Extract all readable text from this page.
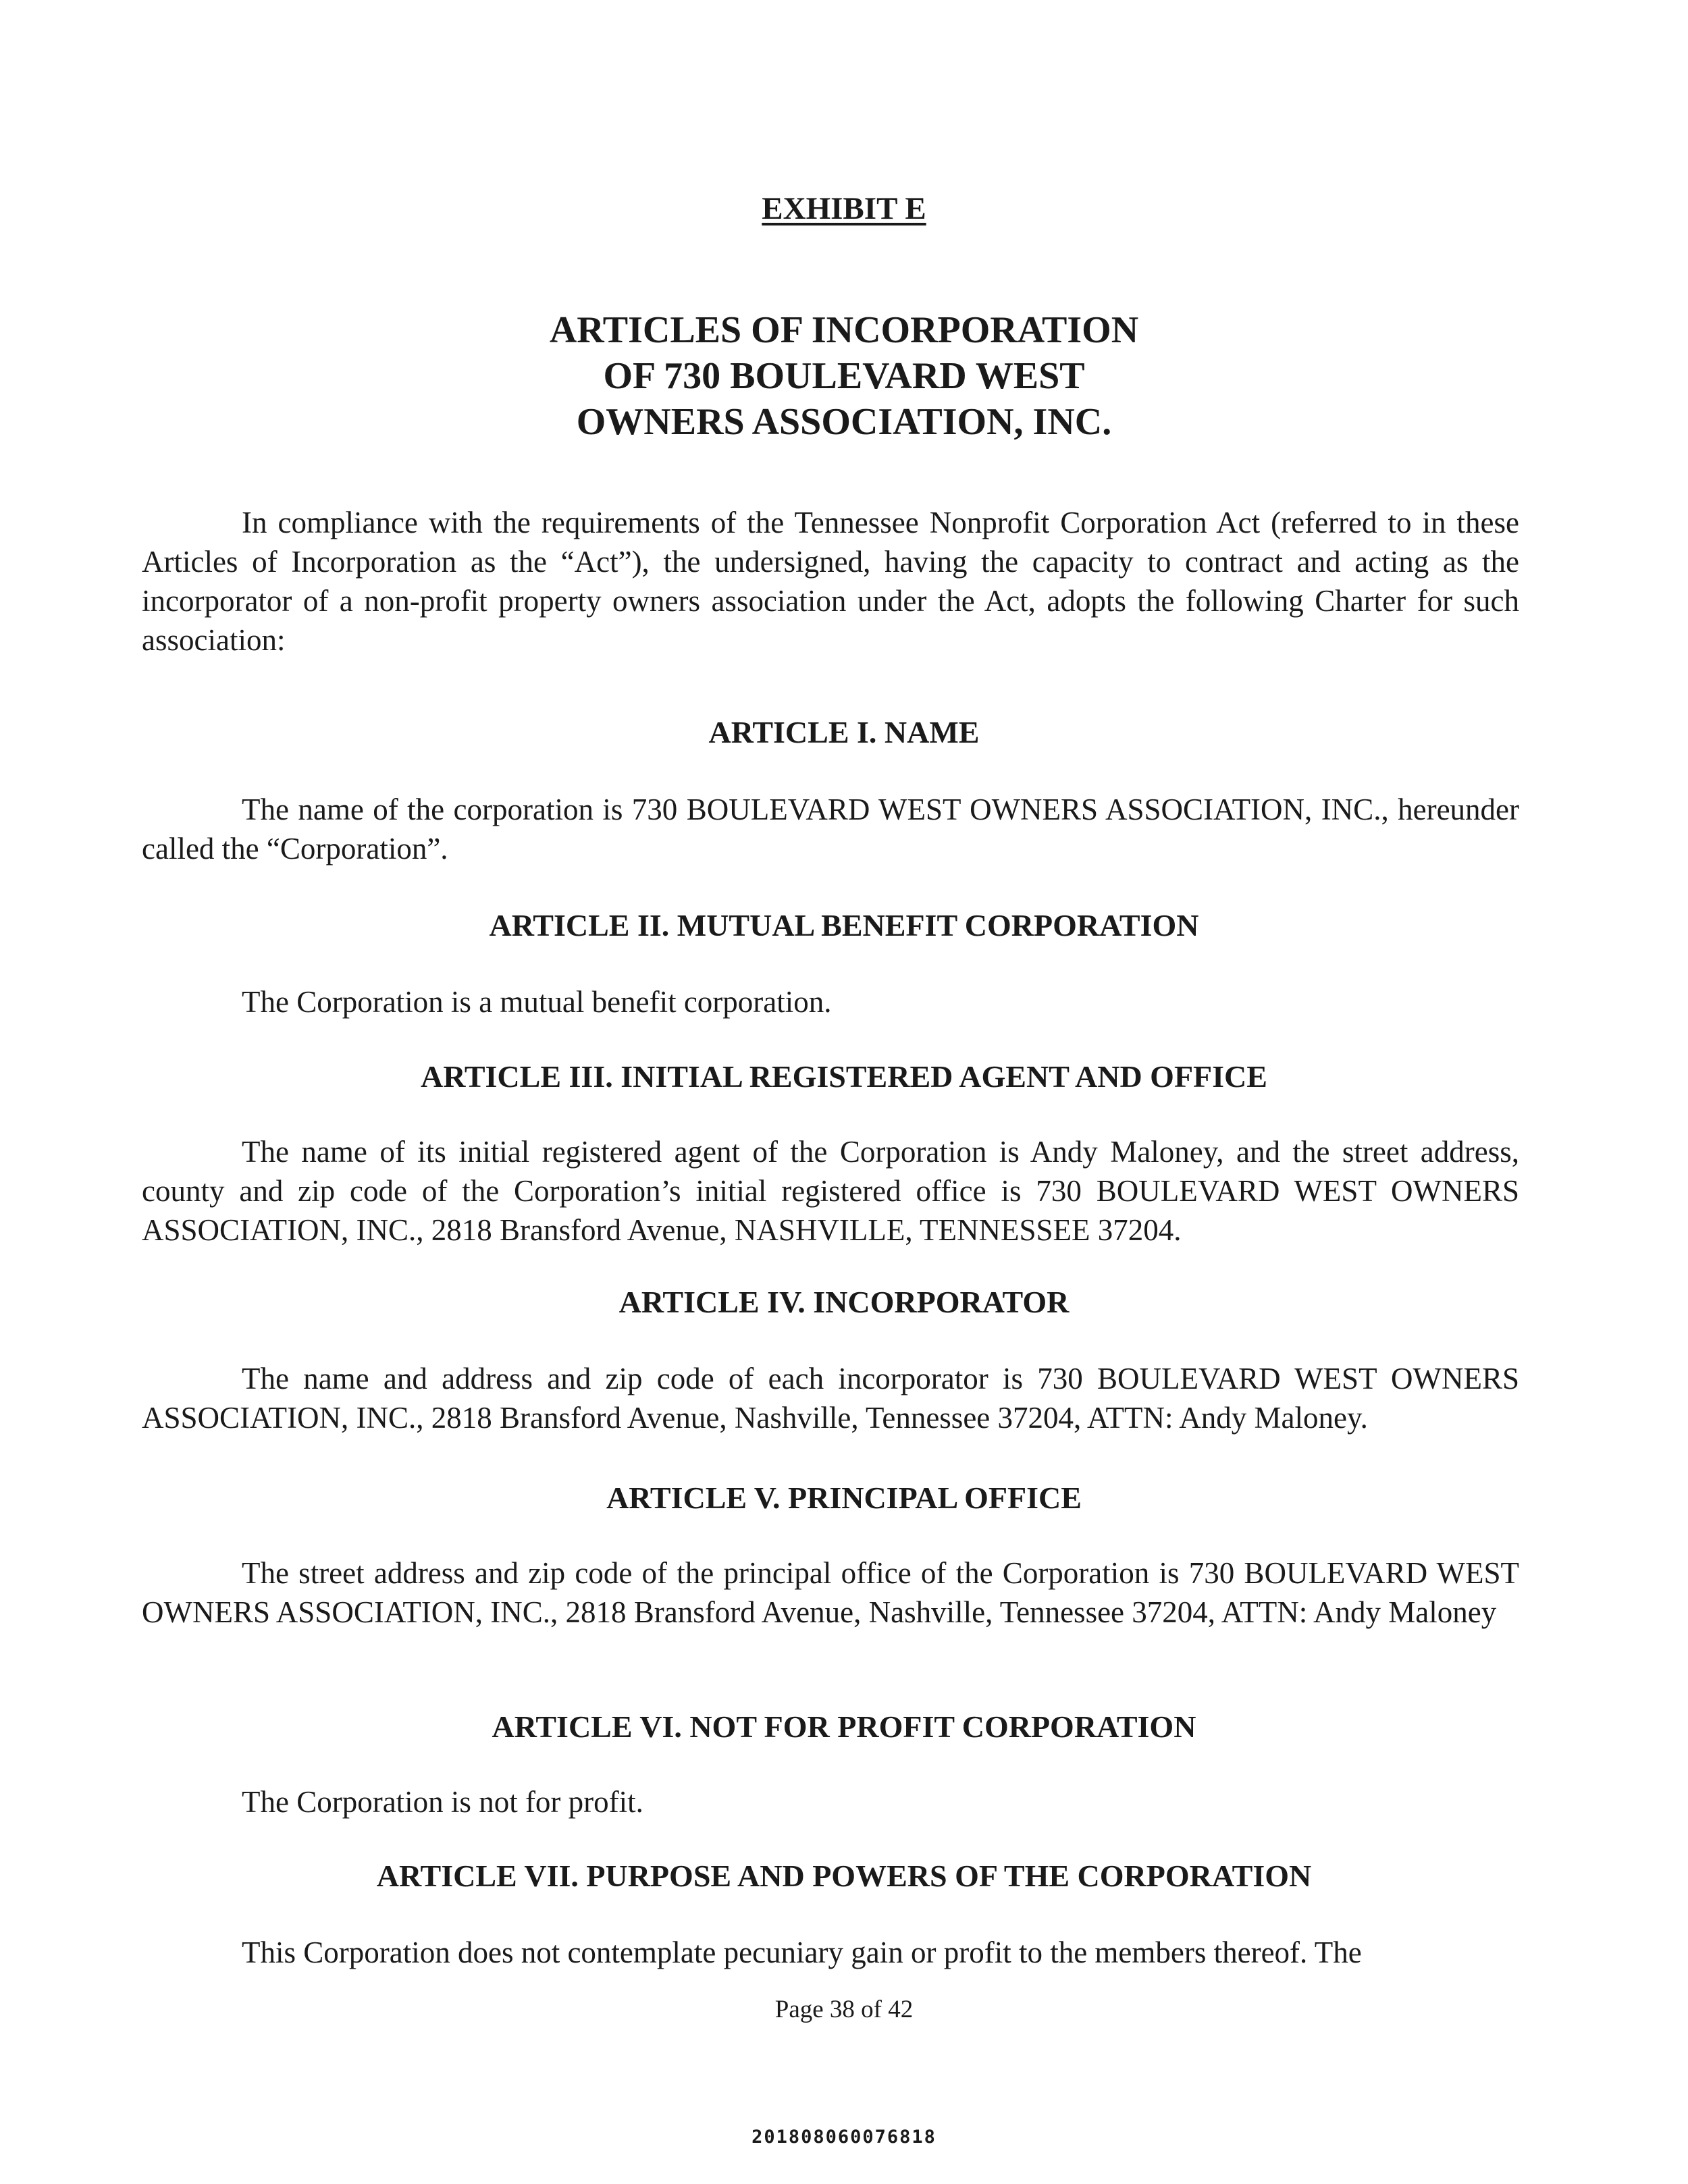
EXHIBIT E
ARTICLES OF INCORPORATION
OF 730 BOULEVARD WEST
OWNERS ASSOCIATION, INC.

In compliance with the requirements of the Tennessee Nonprofit Corporation Act (referred to in these Articles of Incorporation as the “Act”), the undersigned, having the capacity to contract and acting as the incorporator of a non-profit property owners association under the Act, adopts the following Charter for such association:

ARTICLE I. NAME

The name of the corporation is 730 BOULEVARD WEST OWNERS ASSOCIATION, INC., hereunder called the “Corporation”.

ARTICLE II. MUTUAL BENEFIT CORPORATION

The Corporation is a mutual benefit corporation.

ARTICLE III. INITIAL REGISTERED AGENT AND OFFICE

The name of its initial registered agent of the Corporation is Andy Maloney, and the street address, county and zip code of the Corporation’s initial registered office is 730 BOULEVARD WEST OWNERS ASSOCIATION, INC., 2818 Bransford Avenue, NASHVILLE, TENNESSEE 37204.

ARTICLE IV. INCORPORATOR

The name and address and zip code of each incorporator is 730 BOULEVARD WEST OWNERS ASSOCIATION, INC., 2818 Bransford Avenue, Nashville, Tennessee 37204, ATTN: Andy Maloney.

ARTICLE V. PRINCIPAL OFFICE

The street address and zip code of the principal office of the Corporation is 730 BOULEVARD WEST OWNERS ASSOCIATION, INC., 2818 Bransford Avenue, Nashville, Tennessee 37204, ATTN: Andy Maloney

ARTICLE VI. NOT FOR PROFIT CORPORATION

The Corporation is not for profit.

ARTICLE VII. PURPOSE AND POWERS OF THE CORPORATION

This Corporation does not contemplate pecuniary gain or profit to the members thereof. The

Page 38 of 42
201808060076818
